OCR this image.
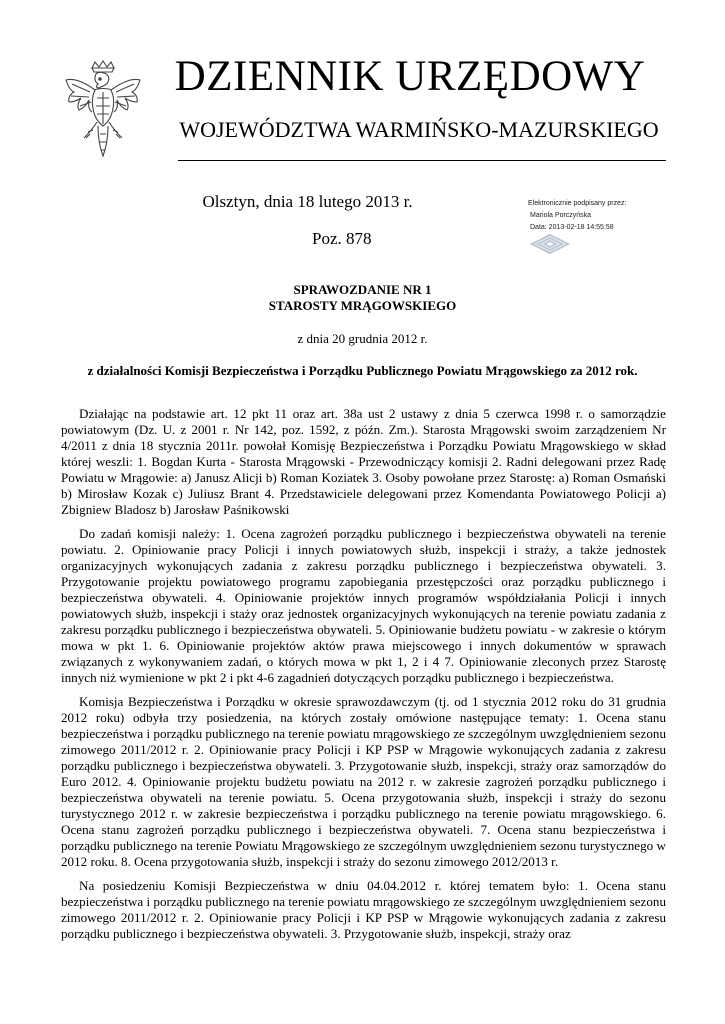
DZIENNIK URZĘDOWY
WOJEWÓDZTWA WARMIŃSKO-MAZURSKIEGO
Olsztyn, dnia 18 lutego 2013 r.
Poz. 878
Elektronicznie podpisany przez:
Mariola Porczyńska
Data: 2013-02-18 14:55:58
SPRAWOZDANIE NR 1
STAROSTY MRĄGOWSKIEGO
z dnia 20 grudnia 2012 r.
z działalności Komisji Bezpieczeństwa i Porządku Publicznego Powiatu Mrągowskiego za 2012 rok.

Działając na podstawie art. 12 pkt 11 oraz art. 38a ust 2 ustawy z dnia 5 czerwca 1998 r. o samorządzie powiatowym (Dz. U. z 2001 r. Nr 142, poz. 1592, z późn. Zm.). Starosta Mrągowski swoim zarządzeniem Nr 4/2011 z dnia 18 stycznia 2011r. powołał Komisję Bezpieczeństwa i Porządku Powiatu Mrągowskiego w skład której weszli: 1. Bogdan Kurta - Starosta Mrągowski - Przewodniczący komisji 2. Radni delegowani przez Radę Powiatu w Mrągowie: a) Janusz Alicji b) Roman Koziatek 3. Osoby powołane przez Starostę: a) Roman Osmański b) Mirosław Kozak c) Juliusz Brant 4. Przedstawiciele delegowani przez Komendanta Powiatowego Policji a) Zbigniew Bladosz b) Jarosław Paśnikowski

Do zadań komisji należy: 1. Ocena zagrożeń porządku publicznego i bezpieczeństwa obywateli na terenie powiatu. 2. Opiniowanie pracy Policji i innych powiatowych służb, inspekcji i straży, a także jednostek organizacyjnych wykonujących zadania z zakresu porządku publicznego i bezpieczeństwa obywateli. 3. Przygotowanie projektu powiatowego programu zapobiegania przestępczości oraz porządku publicznego i bezpieczeństwa obywateli. 4. Opiniowanie projektów innych programów współdziałania Policji i innych powiatowych służb, inspekcji i staży oraz jednostek organizacyjnych wykonujących na terenie powiatu zadania z zakresu porządku publicznego i bezpieczeństwa obywateli. 5. Opiniowanie budżetu powiatu - w zakresie o którym mowa w pkt 1. 6. Opiniowanie projektów aktów prawa miejscowego i innych dokumentów w sprawach związanych z wykonywaniem zadań, o których mowa w pkt 1, 2 i 4 7. Opiniowanie zleconych przez Starostę innych niż wymienione w pkt 2 i pkt 4-6 zagadnień dotyczących porządku publicznego i bezpieczeństwa.

Komisja Bezpieczeństwa i Porządku w okresie sprawozdawczym (tj. od 1 stycznia 2012 roku do 31 grudnia 2012 roku) odbyła trzy posiedzenia, na których zostały omówione następujące tematy: 1. Ocena stanu bezpieczeństwa i porządku publicznego na terenie powiatu mrągowskiego ze szczególnym uwzględnieniem sezonu zimowego 2011/2012 r. 2. Opiniowanie pracy Policji i KP PSP w Mrągowie wykonujących zadania z zakresu porządku publicznego i bezpieczeństwa obywateli. 3. Przygotowanie służb, inspekcji, straży oraz samorządów do Euro 2012. 4. Opiniowanie projektu budżetu powiatu na 2012 r. w zakresie zagrożeń porządku publicznego i bezpieczeństwa obywateli na terenie powiatu. 5. Ocena przygotowania służb, inspekcji i straży do sezonu turystycznego 2012 r. w zakresie bezpieczeństwa i porządku publicznego na terenie powiatu mrągowskiego. 6. Ocena stanu zagrożeń porządku publicznego i bezpieczeństwa obywateli. 7. Ocena stanu bezpieczeństwa i porządku publicznego na terenie Powiatu Mrągowskiego ze szczególnym uwzględnieniem sezonu turystycznego w 2012 roku. 8. Ocena przygotowania służb, inspekcji i straży do sezonu zimowego 2012/2013 r.

Na posiedzeniu Komisji Bezpieczeństwa w dniu 04.04.2012 r. której tematem było: 1. Ocena stanu bezpieczeństwa i porządku publicznego na terenie powiatu mrągowskiego ze szczególnym uwzględnieniem sezonu zimowego 2011/2012 r. 2. Opiniowanie pracy Policji i KP PSP w Mrągowie wykonujących zadania z zakresu porządku publicznego i bezpieczeństwa obywateli. 3. Przygotowanie służb, inspekcji, straży oraz
